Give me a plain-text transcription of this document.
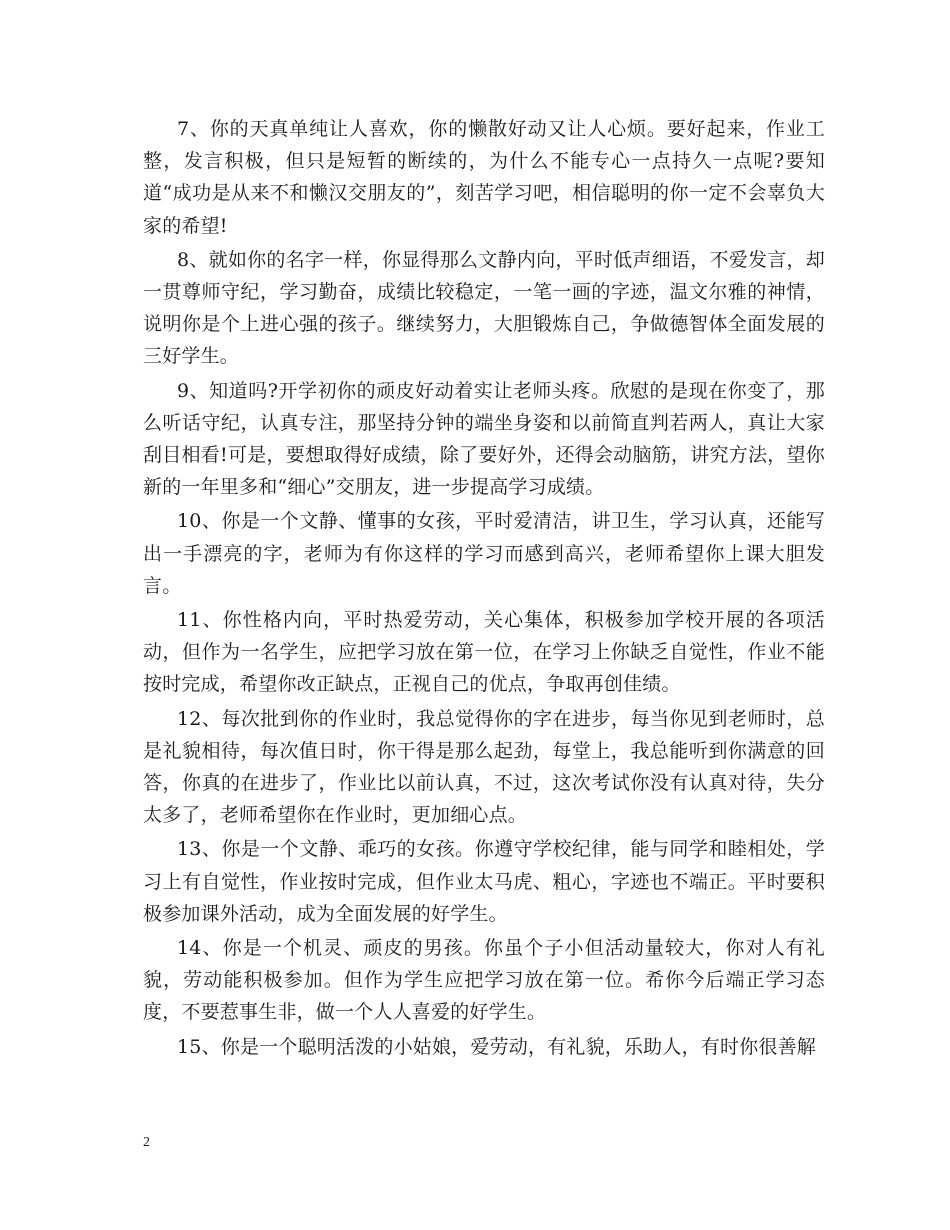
7、你的天真单纯让人喜欢，你的懒散好动又让人心烦。要好起来，作业工整，发言积极，但只是短暂的断续的，为什么不能专心一点持久一点呢?要知道“成功是从来不和懒汉交朋友的”，刻苦学习吧，相信聪明的你一定不会辜负大家的希望!

8、就如你的名字一样，你显得那么文静内向，平时低声细语，不爱发言，却一贯尊师守纪，学习勤奋，成绩比较稳定，一笔一画的字迹，温文尔雅的神情，说明你是个上进心强的孩子。继续努力，大胆锻炼自己，争做德智体全面发展的三好学生。

9、知道吗?开学初你的顽皮好动着实让老师头疼。欣慰的是现在你变了，那么听话守纪，认真专注，那坚持分钟的端坐身姿和以前简直判若两人，真让大家刮目相看!可是，要想取得好成绩，除了要好外，还得会动脑筋，讲究方法，望你新的一年里多和“细心”交朋友，进一步提高学习成绩。

10、你是一个文静、懂事的女孩，平时爱清洁，讲卫生，学习认真，还能写出一手漂亮的字，老师为有你这样的学习而感到高兴，老师希望你上课大胆发言。

11、你性格内向，平时热爱劳动，关心集体，积极参加学校开展的各项活动，但作为一名学生，应把学习放在第一位，在学习上你缺乏自觉性，作业不能按时完成，希望你改正缺点，正视自己的优点，争取再创佳绩。

12、每次批到你的作业时，我总觉得你的字在进步，每当你见到老师时，总是礼貌相待，每次值日时，你干得是那么起劲，每堂上，我总能听到你满意的回答，你真的在进步了，作业比以前认真，不过，这次考试你没有认真对待，失分太多了，老师希望你在作业时，更加细心点。

13、你是一个文静、乖巧的女孩。你遵守学校纪律，能与同学和睦相处，学习上有自觉性，作业按时完成，但作业太马虎、粗心，字迹也不端正。平时要积极参加课外活动，成为全面发展的好学生。

14、你是一个机灵、顽皮的男孩。你虽个子小但活动量较大，你对人有礼貌，劳动能积极参加。但作为学生应把学习放在第一位。希你今后端正学习态度，不要惹事生非，做一个人人喜爱的好学生。

15、你是一个聪明活泼的小姑娘，爱劳动，有礼貌，乐助人，有时你很善解

2
